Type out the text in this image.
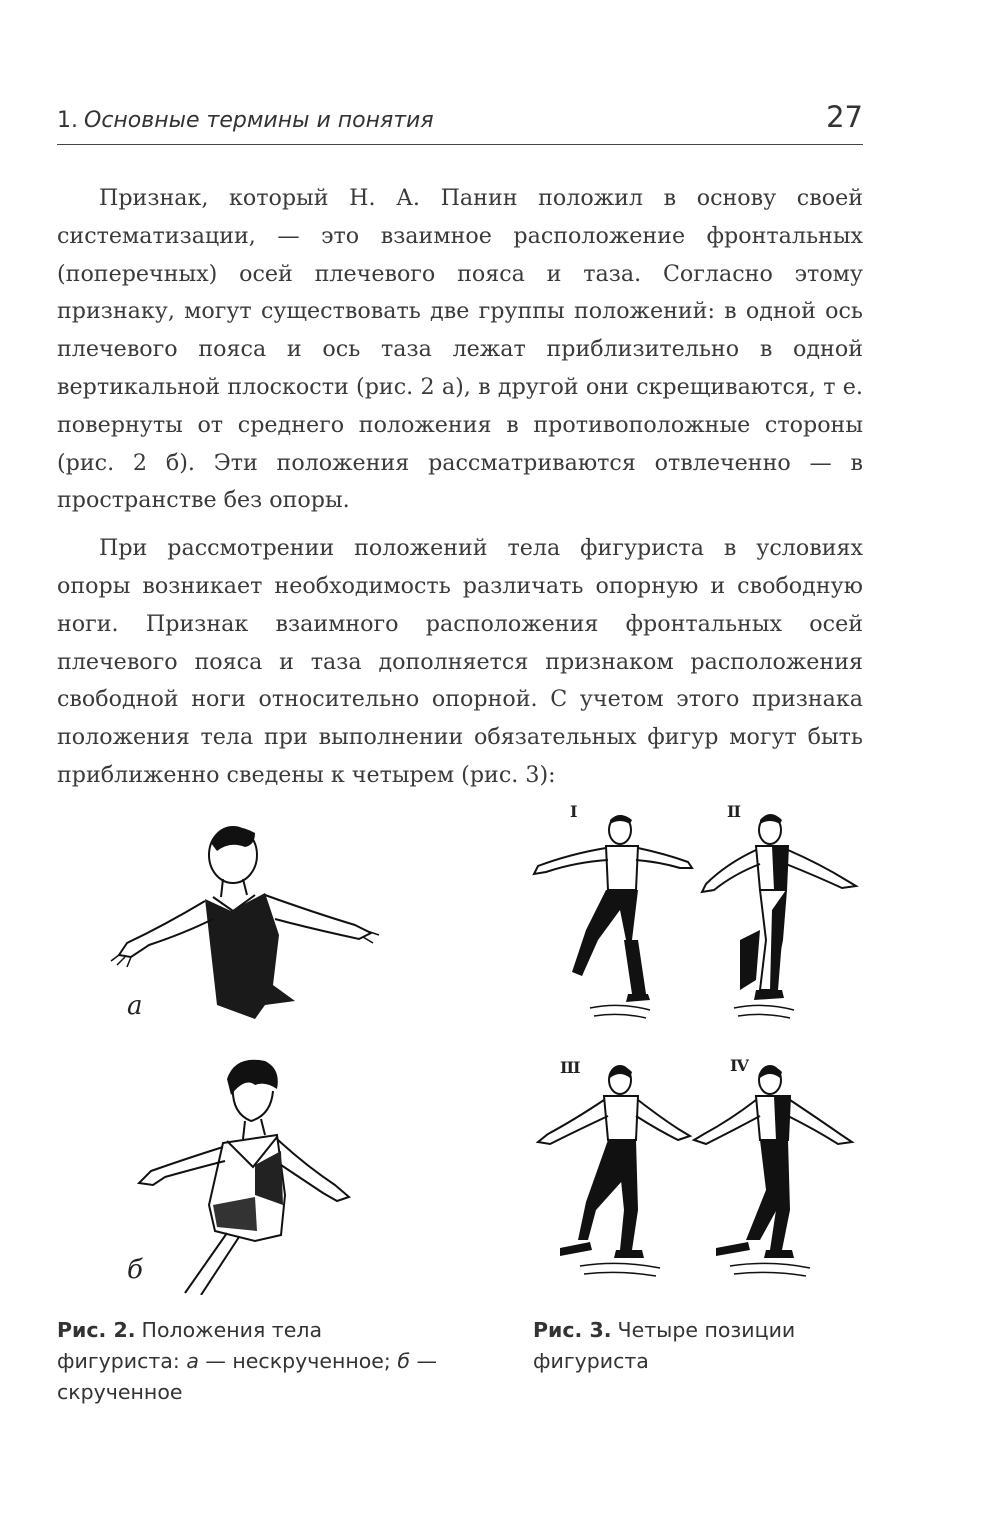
1. Основные термины и понятия	27

Признак, который Н. А. Панин положил в основу своей систематизации, — это взаимное расположение фронтальных (поперечных) осей плечевого пояса и таза. Согласно этому признаку, могут существовать две группы положений: в одной ось плечевого пояса и ось таза лежат приблизительно в одной вертикальной плоскости (рис. 2 а), в другой они скрещиваются, т е. повернуты от среднего положения в противоположные стороны (рис. 2 б). Эти положения рассматриваются отвлеченно — в пространстве без опоры.

При рассмотрении положений тела фигуриста в условиях опоры возникает необходимость различать опорную и свободную ноги. Признак взаимного расположения фронтальных осей плечевого пояса и таза дополняется признаком расположения свободной ноги относительно опорной. С учетом этого признака положения тела при выполнении обязательных фигур могут быть приближенно сведены к четырем (рис. 3):

а
б
I	II
III	IV
Рис. 2. Положения тела фигуриста: а — нескрученное; б — скрученное
Рис. 3. Четыре позиции фигуриста
